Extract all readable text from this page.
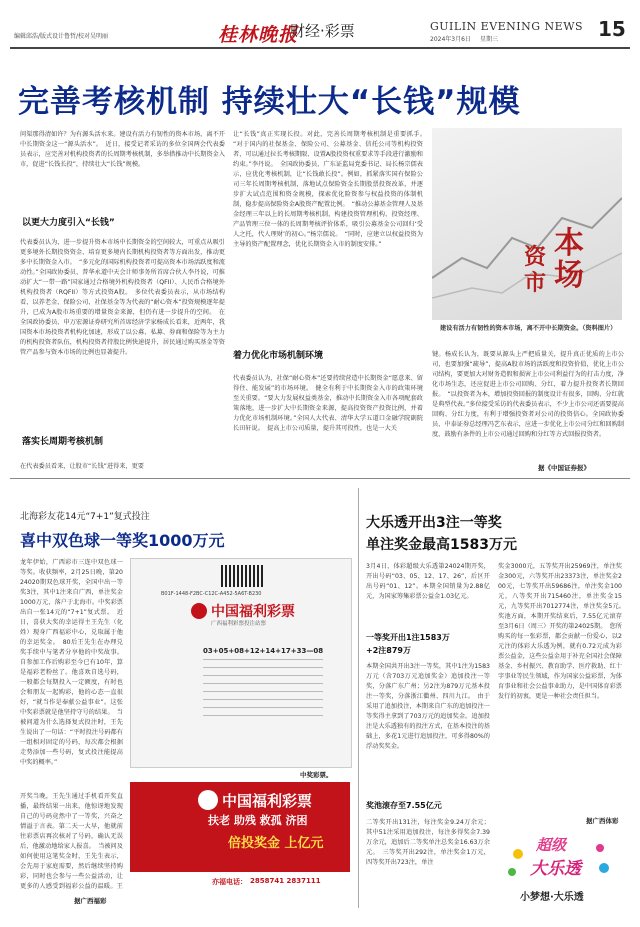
编辑邱浩/版式设计鲁哲/校对吴明丽	桂林晚报
财经·彩票	GUILIN EVENING NEWS
2024年3月6日 星期三	15
完善考核机制 持续壮大“长钱”规模
问渠那得清如许？为有源头活水来。建设有活力有韧性的资本市场，离不开中长期资金这一“源头活水”。　近日，接受记者采访的多位全国两会代表委员表示，应完善对机构投资者的长周期考核机制，多举措推动中长期资金入市，促进“长钱长投”，持续壮大“长钱”规模。
以更大力度引入“长钱”
代表委员认为，进一步提升资本市场中长期资金的空间较大，可重点从吸引更多境外长期投资资金、培育更多境内长期机构投资者等方面出发，推动更多中长期资金入市。　“多元化的国际机构投资者可提高资本市场活跃度和流动性。”全国政协委员、普华永道中天会计师事务所首席合伙人李丹说，可推动扩大“一带一路”国家通过合格境外机构投资者（QFII）、人民币合格境外机构投资者（RQFII）等方式投资A股。　多位代表委员表示，从市场结构看，以养老金、保险公司、社保基金等为代表的“耐心资本”投资规模逐年提升，已成为A股市场重要的增量资金来源，但仍有进一步提升的空间。　在全国政协委员、申万宏源证券研究所首席经济学家杨成长看来，近两年，我国资本市场投资者机构化加速，形成了以公募、私募、券商和保险等为主力的机构投资者队伍，机构投资者持股比例快速提升，居民通过购买基金等资管产品参与资本市场的比例也显著提升。
落实长周期考核机制
在代表委员看来，让股市“长钱”进得来，更要
让“长钱”真正实现长投。对此，完善长周期考核机制是重要抓手。　“对于国内的社保基金、保险公司、公募基金、信托公司等机构投资者，可以通过拉长考核期限、设置A股投资权重要求等手段进行激励和约束。”李丹说。　全国政协委员、广东证监局党委书记、局长杨宗儒表示，应优化考核机制，让“长钱敢长投”。例如，抓紧落实国有保险公司三年长周期考核机制，落地试点保险资金长期股票投资改革，并逐步扩大试点范围和资金规模，探索优化险资参与权益投资的体制机制，稳步提高保险资金A股资产配置比例。　“推动公募基金管理人及基金经理三年以上的长周期考核机制，构建投资管理机构、投资经理、产品管理三位一体的长周期考核评价体系，吸引公募基金公司回归‘受人之托，代人理财’的初心。”杨宗儒说。　“同时，应建立以权益投资为主导的资产配置理念，优化长期资金入市的制度安排。”
着力优化市场机制环境
代表委员认为，社保“耐心资本”还要持续营造中长期资金“愿意来、留得住、能发展”的市场环境。　健全有利于中长期资金入市的政策环境至关重要。“要大力发展权益类基金，推动中长期资金入市各项配套政策落地，进一步扩大中长期资金来源，提高投资资产投资比例，并着力优化市场机制环境。”全国人大代表、清华大学五道口金融学院副院长田轩说。　提高上市公司质量，提升其可投性，也是一大关
本
场
资
市
建设有活力有韧性的资本市场，离不开中长期资金。（资料图片）
键。杨成长认为，既要从源头上严把质量关，提升真正优质的上市公司，也要加强“疏导”，提高A股市场的活跃度和投资价值，优化上市公司结构，要更加大对财务造假和损害上市公司利益行为的打击力度，净化市场生态，还应促进上市公司回购、分红，着力提升投资者长期回报。　“以投资者为本，增加投资回报的制度设计有很多，回购、分红就是典型代表。”多位接受采访的代表委员表示，不少上市公司还需要提高回购、分红力度，有利于增强投资者对公司的投资信心。全国政协委员、中泰证券总经理冯艺东表示，应进一步优化上市公司分红和回购制度，鼓励有条件的上市公司通过回购和分红等方式回报投资者。
据《中国证券报》
北海彩友花14元“7+1”复式投注
喜中双色球一等奖1000万元
龙年伊始，广西彩市三连中双色球一等奖。收获频率，2月25日晚，第2024020期双色球开奖，全国中出一等奖3注，其中1注来自广西，单注奖金1000万元，落户于北海市。中奖彩票出自一张14元的“7+1”复式票。　近日，喜获大奖的幸运得主王先生（化姓）现身广西福彩中心，兑取属于他的幸运奖金。　80后王先生在办理兑奖手续中与笔者分享他的中奖故事。自参加工作后购彩至今已有10年，算是福彩老粉丝了。他喜欢自选号码，一般都会每期投入一定额度，有时也会和朋友一起购彩，他的心态一直很好，“就当作是奉献公益事业”。这张中奖彩票就是他坚持守号的结果。　当被问道为什么选择复式投注时，王先生说出了一句话：“平时投注号码都有一组相对固定的号码，每次都会根据走势添加一些号码，复式投注能提高中奖的概率。”
B01F-1448-F2BC-C12C-A452-5A6T-B230
中国福利彩票
广西福利彩票投注站票
03+05+08+12+14+17+33—08
中奖彩票。
中国福利彩票
扶老 助残 救孤 济困
倍投奖金 上亿元
亦福电话： 2858741 2837111
开奖当晚，王先生通过手机看开奖直播，最终结果一出来，他惊讶地发现自己的号码竟然中了一等奖，兴奋之情溢于言表。第二天一大早，他就前往彩票店再次核对了号码，确认无误后，他激动地给家人报喜。　当被问及如何使用这笔奖金时，王先生表示，会先用于家庭需要，然后继续坚持购彩，同时也会参与一些公益活动，让更多的人感受到福彩公益的温暖。王　
据广西福彩
大乐透开出3注一等奖
单注奖金最高1583万元
3月4日，体彩超级大乐透第24024期开奖，开出号码“03、05、12、17、26”，后区开出号码“01、12”。本期全国销量为2.88亿元，为国家筹集彩票公益金1.03亿元。
一等奖开出1注1583万
+2注879万
本期全国共开出3注一等奖，其中1注为1583万元（含703万元追加奖金）追加投注一等奖，分落广东广州；另2注为879万元基本投注一等奖，分落浙江衢州、四川九江。　由于采用了追加投注，本期来自广东的追加投注一等奖得主拿到了703万元的追加奖金。追加投注是大乐透独有的投注方式，在基本投注的基础上，多花1元进行追加投注，可多得80%的浮动奖奖金。
奖池滚存至7.55亿元
二等奖开出131注，每注奖金9.24万余元；其中51注采用追加投注，每注多得奖金7.39万余元，追加后二等奖单注总奖金16.63万余元。　三等奖开出292注，单注奖金1万元，四等奖开出723注，单注
奖金3000元，五等奖开出25969注，单注奖金300元，六等奖开出23373注，单注奖金200元，七等奖开出59686注，单注奖金100元，八等奖开出715460注，单注奖金15元，九等奖开出7012774注，单注奖金5元。　奖池方面，本期开奖结束后，7.55亿元滚存至3月6日（周三）开奖的第24025期。　您所购买的每一张彩票，都会贡献一份爱心，以2元注的体彩大乐透为例，就有0.72元成为彩票公益金，这些公益金用于补充全国社会保障基金、乡村振兴、教育助学、医疗救助、红十字事业等民生领域，作为国家公益彩票，为体育事业和社会公益事业助力，是中国体育彩票发行的初衷，更是一种社会责任担当。
据广西体彩
超级
大乐透
小梦想·大乐透
